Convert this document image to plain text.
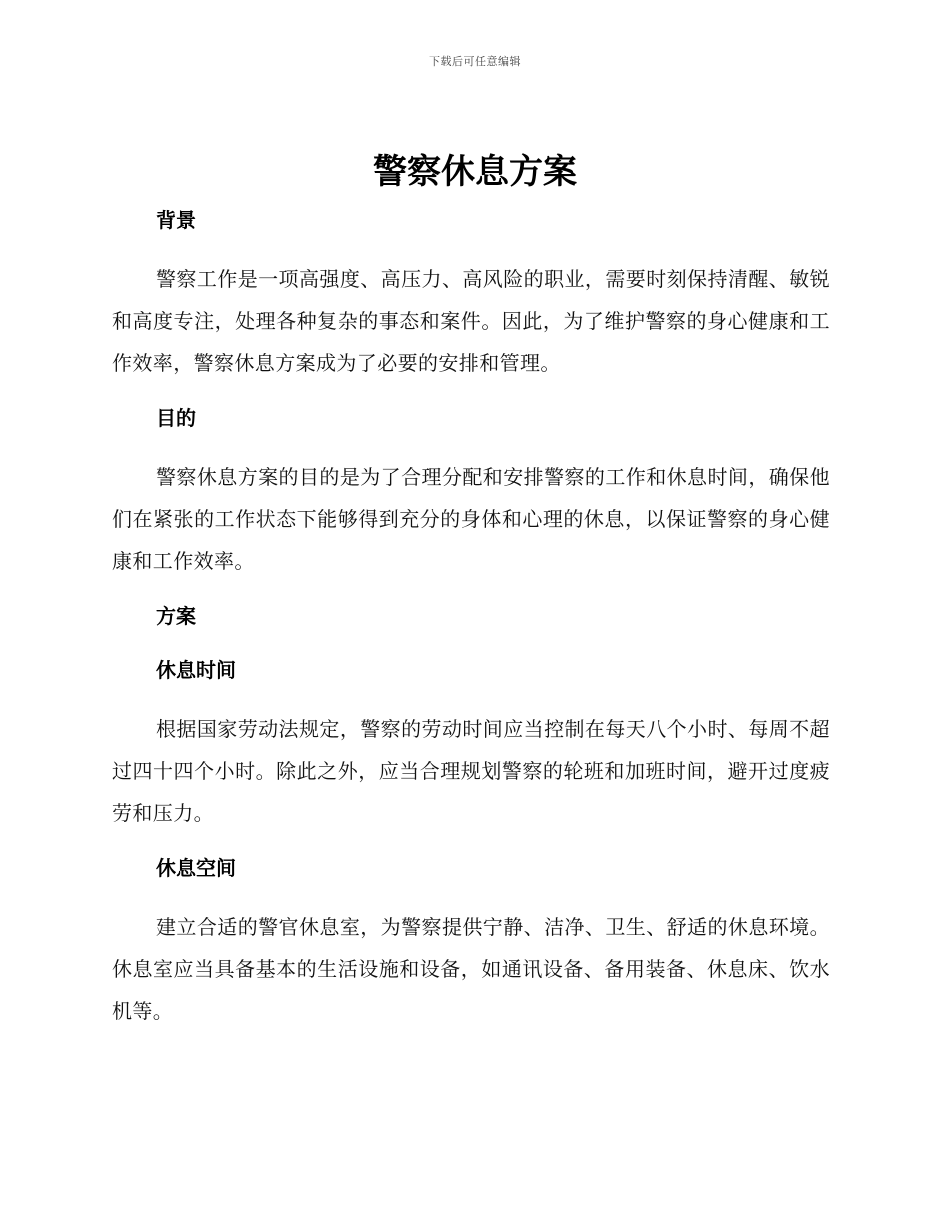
下载后可任意编辑
警察休息方案
背景

警察工作是一项高强度、高压力、高风险的职业，需要时刻保持清醒、敏锐和高度专注，处理各种复杂的事态和案件。因此，为了维护警察的身心健康和工作效率，警察休息方案成为了必要的安排和管理。

目的

警察休息方案的目的是为了合理分配和安排警察的工作和休息时间，确保他们在紧张的工作状态下能够得到充分的身体和心理的休息，以保证警察的身心健康和工作效率。

方案
休息时间

根据国家劳动法规定，警察的劳动时间应当控制在每天八个小时、每周不超过四十四个小时。除此之外，应当合理规划警察的轮班和加班时间，避开过度疲劳和压力。

休息空间

建立合适的警官休息室，为警察提供宁静、洁净、卫生、舒适的休息环境。休息室应当具备基本的生活设施和设备，如通讯设备、备用装备、休息床、饮水机等。
